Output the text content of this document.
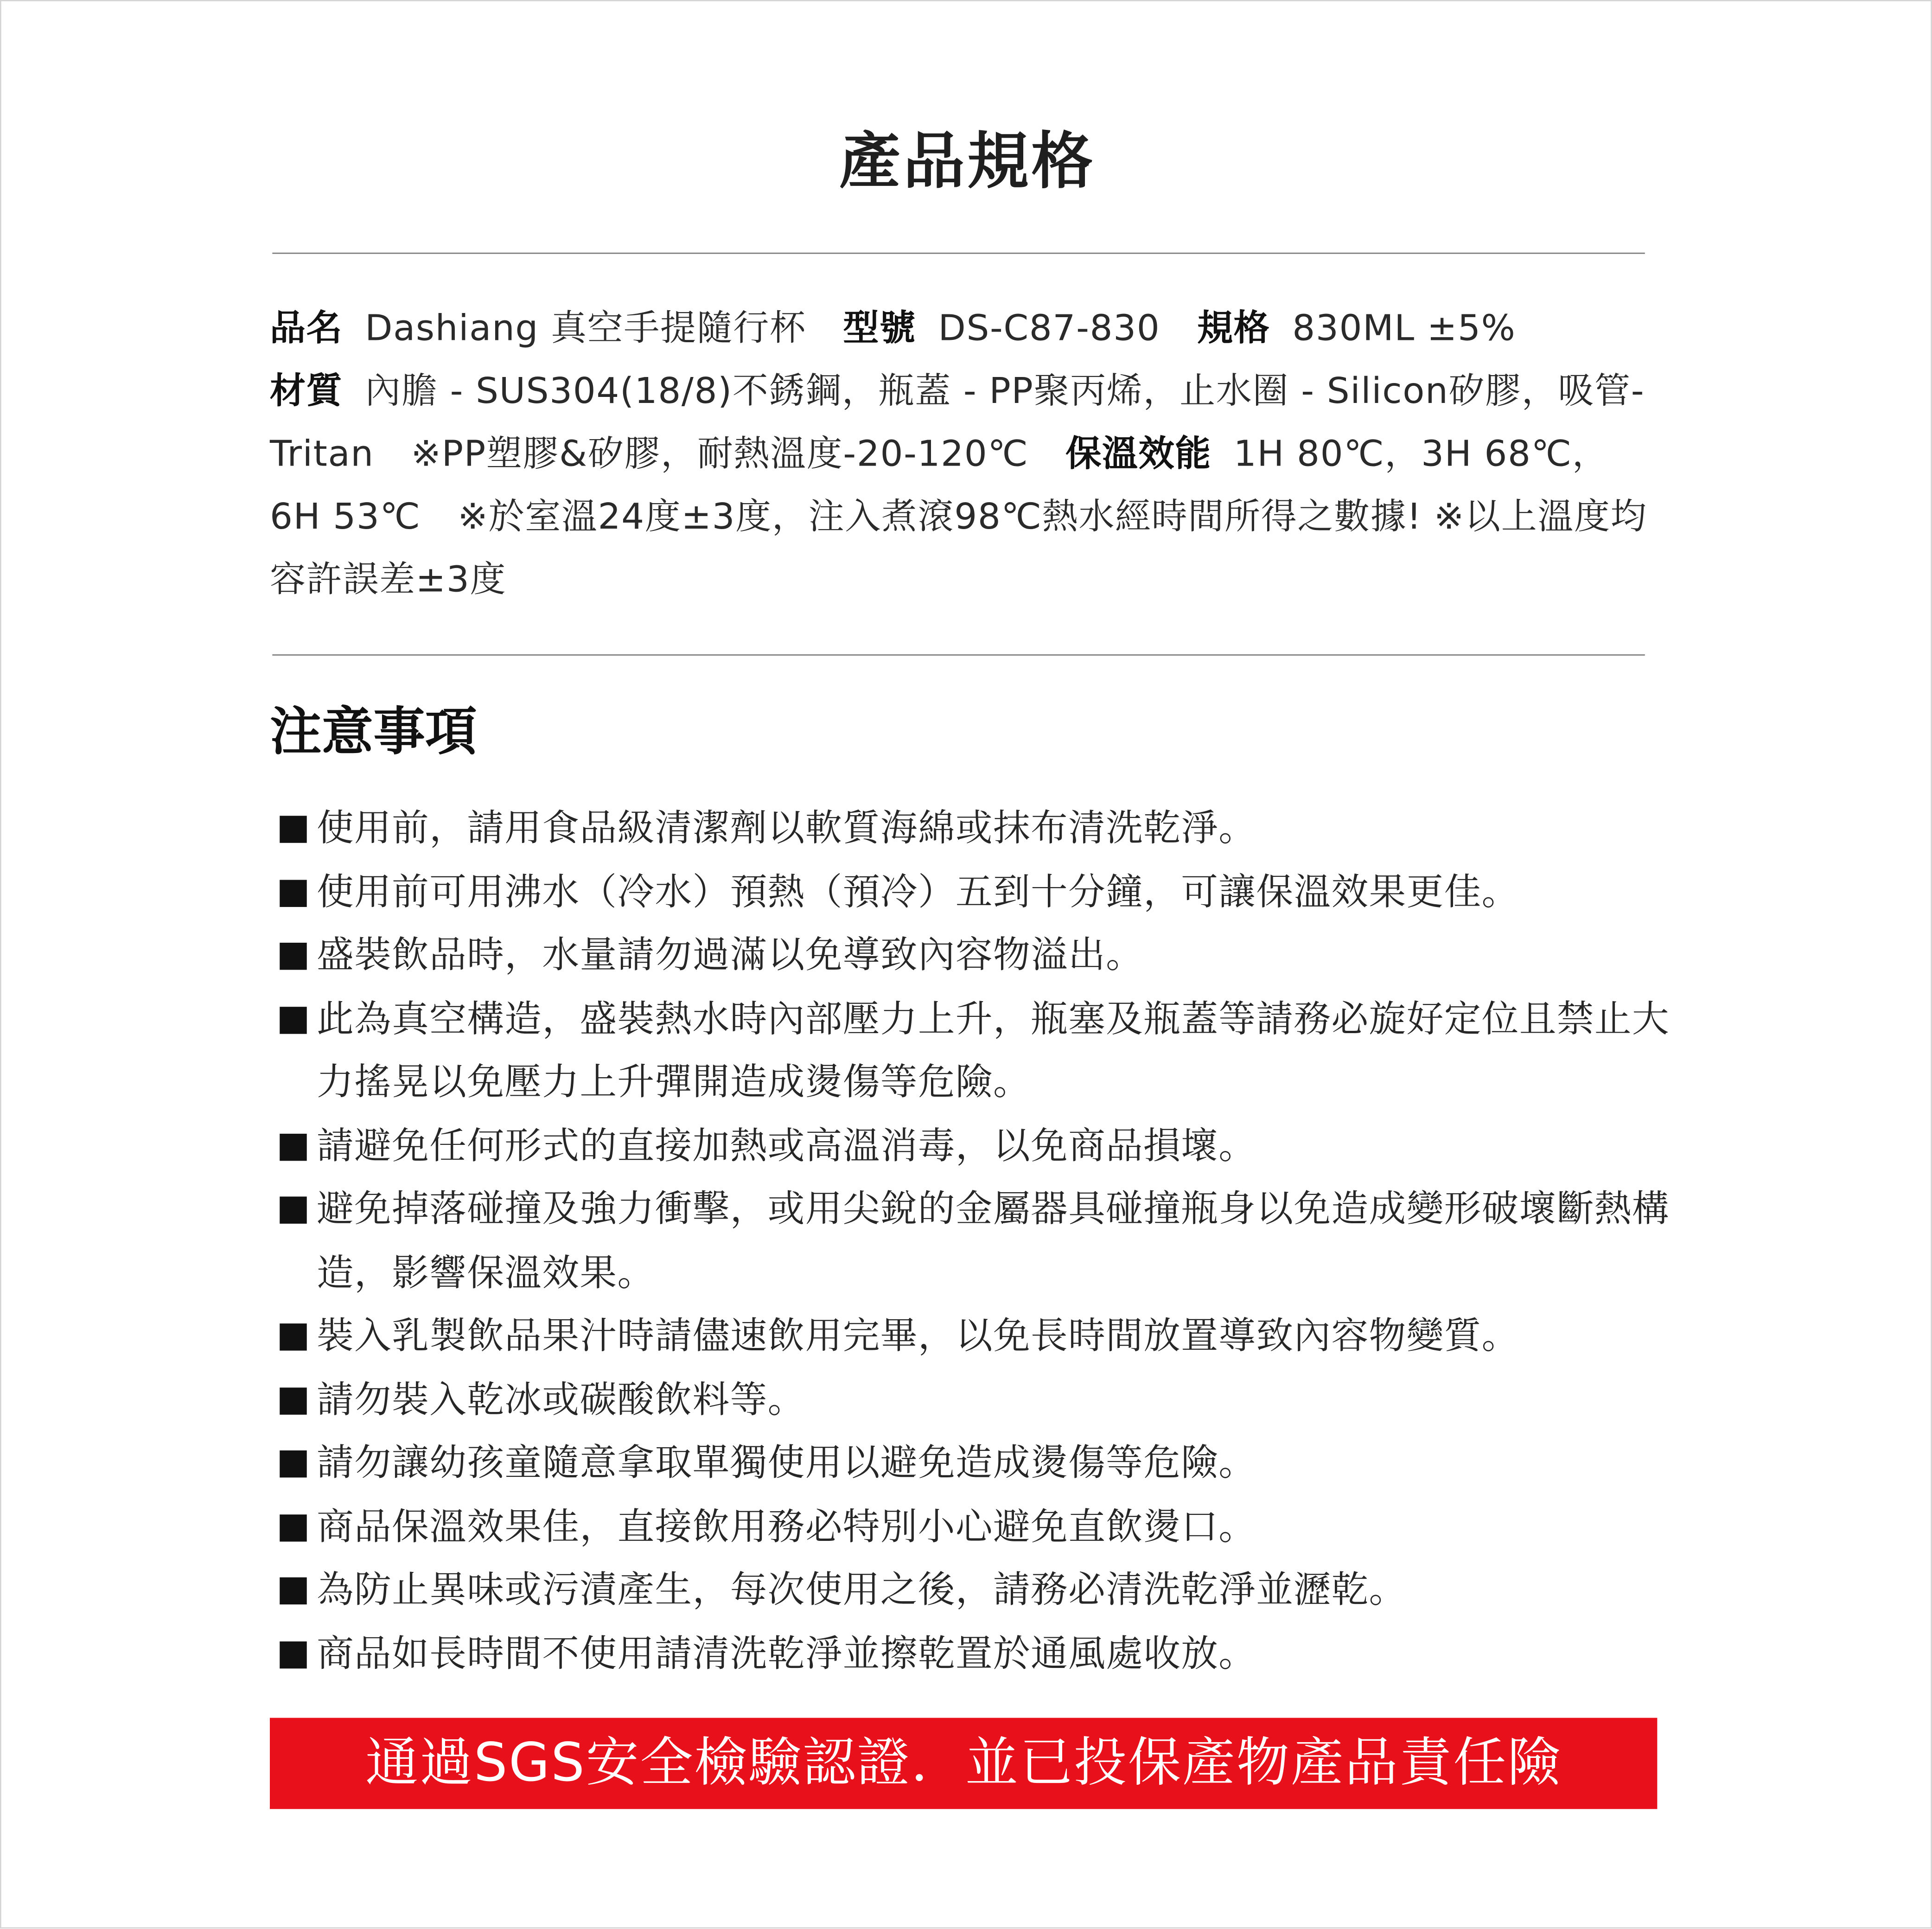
產品規格
品名 Dashiang 真空手提隨行杯	型號 DS-C87-830	規格 830ML ±5%
材質 內膽 - SUS304(18/8)不銹鋼，瓶蓋 - PP聚丙烯，止水圈 - Silicon矽膠，吸管- Tritan	※PP塑膠&矽膠，耐熱溫度-20-120℃	保溫效能 1H 80℃，3H 68℃，6H 53℃	※於室溫24度±3度，注入煮滾98℃熱水經時間所得之數據! ※以上溫度均容許誤差±3度
注意事項
使用前，請用食品級清潔劑以軟質海綿或抹布清洗乾淨。
使用前可用沸水（冷水）預熱（預冷）五到十分鐘，可讓保溫效果更佳。
盛裝飲品時，水量請勿過滿以免導致內容物溢出。
此為真空構造，盛裝熱水時內部壓力上升，瓶塞及瓶蓋等請務必旋好定位且禁止大力搖晃以免壓力上升彈開造成燙傷等危險。
請避免任何形式的直接加熱或高溫消毒，以免商品損壞。
避免掉落碰撞及強力衝擊，或用尖銳的金屬器具碰撞瓶身以免造成變形破壞斷熱構造，影響保溫效果。
裝入乳製飲品果汁時請儘速飲用完畢，以免長時間放置導致內容物變質。
請勿裝入乾冰或碳酸飲料等。
請勿讓幼孩童隨意拿取單獨使用以避免造成燙傷等危險。
商品保溫效果佳，直接飲用務必特別小心避免直飲燙口。
為防止異味或污漬產生，每次使用之後，請務必清洗乾淨並瀝乾。
商品如長時間不使用請清洗乾淨並擦乾置於通風處收放。
通過SGS安全檢驗認證．並已投保產物產品責任險
